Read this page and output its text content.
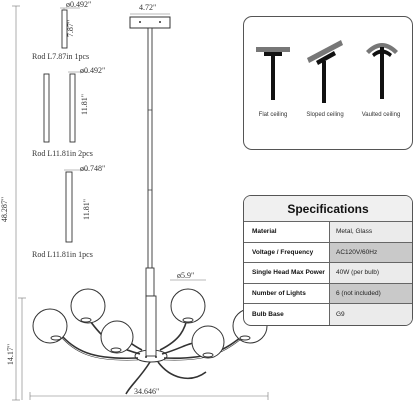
4.72"
48.287"
14.17"
34.646"
ø5.9"
ø0.492"
7.87"
Rod L7.87in 1pcs
ø0.492"
11.81"
Rod L11.81in 2pcs
ø0.748"
11.81"
Rod L11.81in 1pcs
Flat ceiling	Sloped ceiling	Vaulted ceiling
Specifications
Material	Metal, Glass
Voltage / Frequency	AC120V/60Hz
Single Head Max Power	40W (per bulb)
Number of Lights	6 (not included)
Bulb Base	G9
